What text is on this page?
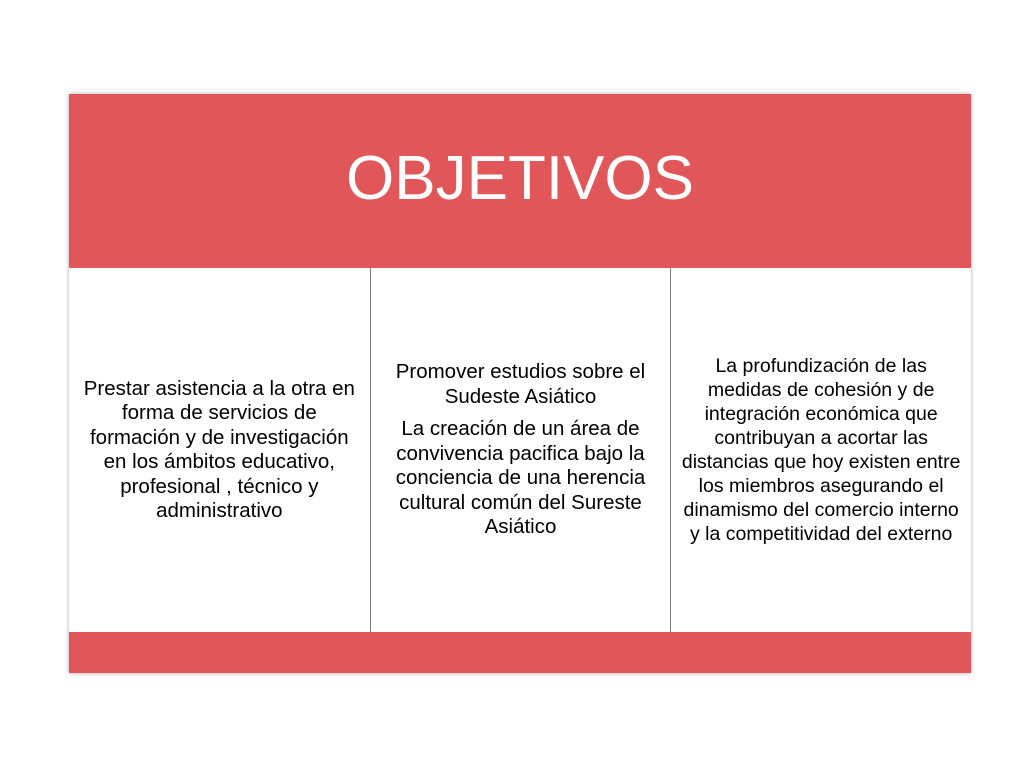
OBJETIVOS

Prestar asistencia a la otra en forma de servicios de formación y de investigación en los ámbitos educativo, profesional , técnico y administrativo

Promover estudios sobre el Sudeste Asiático

La creación de un área de convivencia pacifica bajo la conciencia de una herencia cultural común del Sureste Asiático

La profundización de las medidas de cohesión y de integración económica que contribuyan a acortar las distancias que hoy existen entre los miembros asegurando el dinamismo del comercio interno y la competitividad del externo
